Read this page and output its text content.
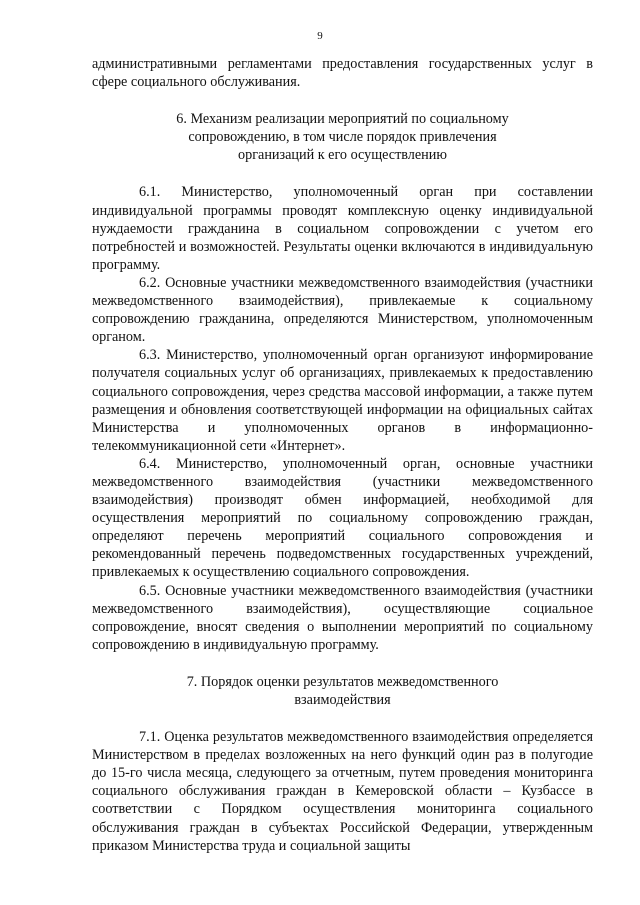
9

административными регламентами предоставления государственных услуг в сфере социального обслуживания.

6. Механизм реализации мероприятий по социальному

сопровождению, в том числе порядок привлечения

организаций к его осуществлению

6.1. Министерство, уполномоченный орган при составлении индивидуальной программы проводят комплексную оценку индивидуальной нуждаемости гражданина в социальном сопровождении с учетом его потребностей и возможностей. Результаты оценки включаются в индивидуальную программу.

6.2. Основные участники межведомственного взаимодействия (участники межведомственного взаимодействия), привлекаемые к социальному сопровождению гражданина, определяются Министерством, уполномоченным органом.

6.3. Министерство, уполномоченный орган организуют информирование получателя социальных услуг об организациях, привлекаемых к предоставлению социального сопровождения, через средства массовой информации, а также путем размещения и обновления соответствующей информации на официальных сайтах Министерства и уполномоченных органов в информационно-телекоммуникационной сети «Интернет».

6.4. Министерство, уполномоченный орган, основные участники межведомственного взаимодействия (участники межведомственного взаимодействия) производят обмен информацией, необходимой для осуществления мероприятий по социальному сопровождению граждан, определяют перечень мероприятий социального сопровождения и рекомендованный перечень подведомственных государственных учреждений, привлекаемых к осуществлению социального сопровождения.

6.5. Основные участники межведомственного взаимодействия (участники межведомственного взаимодействия), осуществляющие социальное сопровождение, вносят сведения о выполнении мероприятий по социальному сопровождению в индивидуальную программу.

7. Порядок оценки результатов межведомственного

взаимодействия

7.1. Оценка результатов межведомственного взаимодействия определяется Министерством в пределах возложенных на него функций один раз в полугодие до 15-го числа месяца, следующего за отчетным, путем проведения мониторинга социального обслуживания граждан в Кемеровской области – Кузбассе в соответствии с Порядком осуществления мониторинга социального обслуживания граждан в субъектах Российской Федерации, утвержденным приказом Министерства труда и социальной защиты
